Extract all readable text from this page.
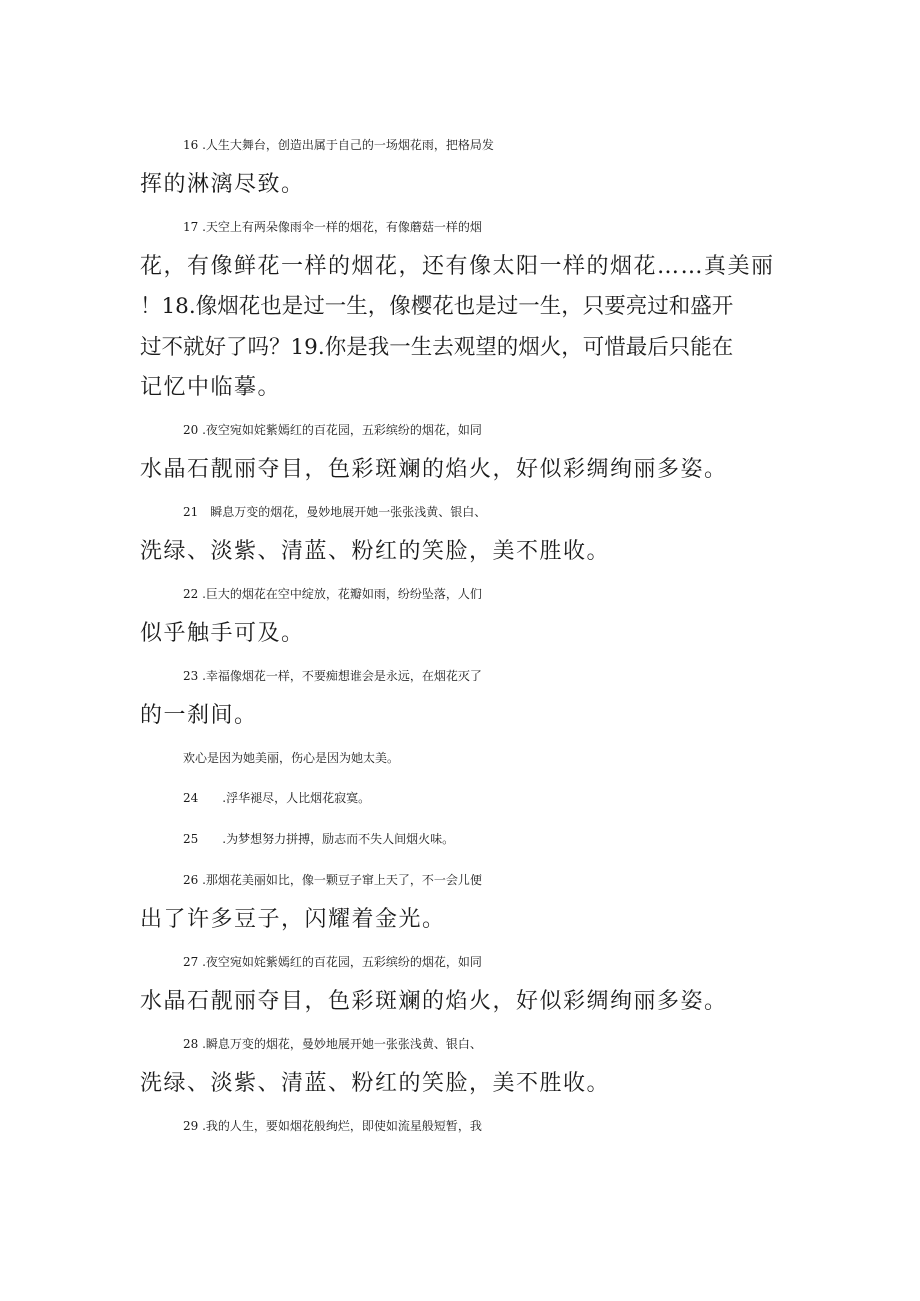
16 .人生大舞台，创造出属于自己的一场烟花雨，把格局发
挥的淋漓尽致。
17 .天空上有两朵像雨伞一样的烟花，有像蘑菇一样的烟
花，有像鲜花一样的烟花，还有像太阳一样的烟花……真美丽
！18.像烟花也是过一生，像樱花也是过一生，只要亮过和盛开
过不就好了吗？19.你是我一生去观望的烟火，可惜最后只能在
记忆中临摹。
20 .夜空宛如姹紫嫣红的百花园，五彩缤纷的烟花，如同
水晶石靓丽夺目，色彩斑斓的焰火，好似彩绸绚丽多姿。
21　瞬息万变的烟花，曼妙地展开她一张张浅黄、银白、
洗绿、淡紫、清蓝、粉红的笑脸，美不胜收。
22 .巨大的烟花在空中绽放，花瓣如雨，纷纷坠落，人们
似乎触手可及。
23 .幸福像烟花一样，不要痴想谁会是永远，在烟花灭了
的一刹间。
欢心是因为她美丽，伤心是因为她太美。
24　　.浮华褪尽，人比烟花寂寞。
25　　.为梦想努力拼搏，励志而不失人间烟火味。
26 .那烟花美丽如比，像一颗豆子窜上天了，不一会儿便
出了许多豆子，闪耀着金光。
27 .夜空宛如姹紫嫣红的百花园，五彩缤纷的烟花，如同
水晶石靓丽夺目，色彩斑斓的焰火，好似彩绸绚丽多姿。
28 .瞬息万变的烟花，曼妙地展开她一张张浅黄、银白、
洗绿、淡紫、清蓝、粉红的笑脸，美不胜收。
29 .我的人生，要如烟花般绚烂，即使如流星般短暂，我
